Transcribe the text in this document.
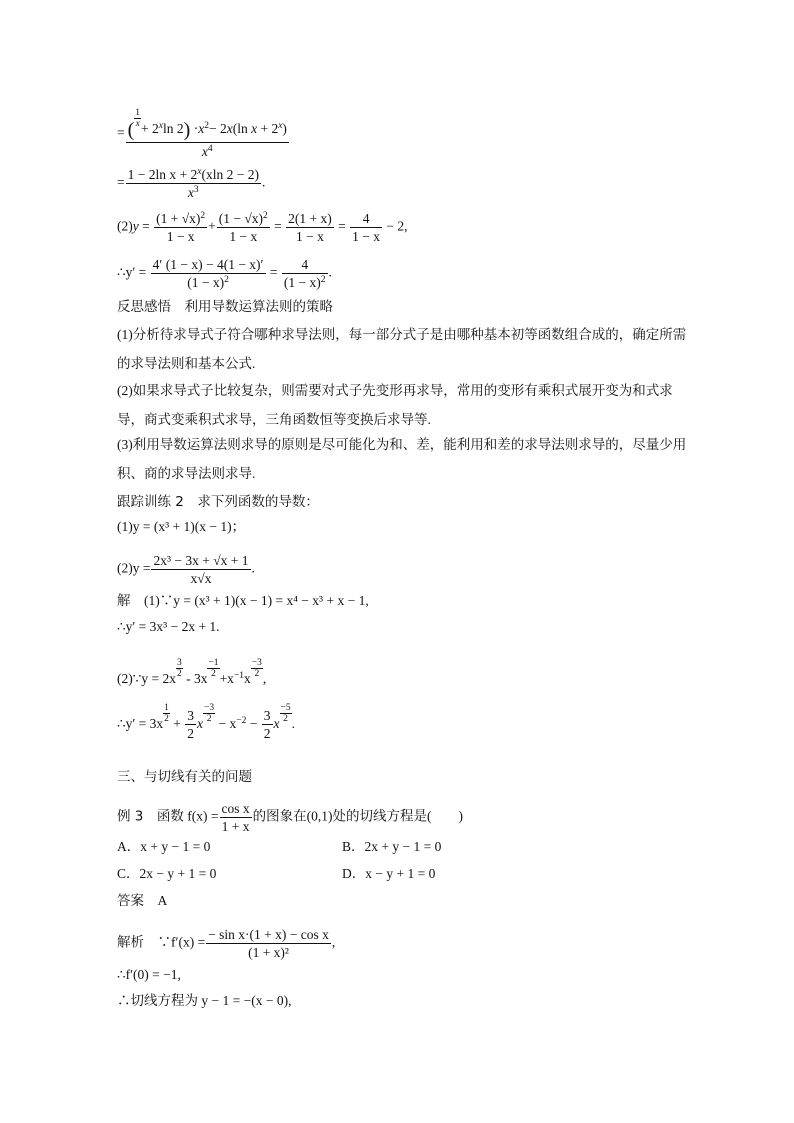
= (
$\frac{1}{x} + 2^x\ln$ $2) \cdot x^2- 2x(\ln$ $x + 2^x$)
$x^4$
= $\frac{1 - 2\ln x + 2^x(xln 2 - 2)}{x^3}$ .
$(2)y = \frac{(1 + √x)^2}{1 - x} + \frac{(1 - √x)^2}{1 - x} = \frac{2(1 + x)}{1 - x} = \frac{4}{1 - x} - 2$,
∴y′ = $\frac{4' (1 - x) - 4(1 - x)'}{(1 - x)^2} = \frac{4}{(1 - x)^2}$ .
反思感悟　 利用导数运算法则的策略
(1)分析待求导式子符合哪种求导法则，每一部分式子是由哪种基本初等函数组合成的，确定所需的求导法则和基本公式.
(2)如果求导式子比较复杂，则需要对式子先变形再求导，常用的变形有乘积式展开变为和式求导，商式变乘积式求导，三角函数恒等变换后求导等.
(3)利用导数运算法则求导的原则是尽可能化为和、差，能利用和差的求导法则求导的，尽量少用积、商的求导法则求导.
跟踪训练 2　 求下列函数的导数：
(1)y = (x³ + 1)(x − 1)；
$(2)y = \frac{\text{2x³ − 3x + √x + 1}}{x√x}$ .
解　 (1)∵y = (x³ + 1)(x − 1) = x⁴ − x³ + x − 1,
∴y′ = 3x³ − 2x + 1.
(2)∵y = $2x \frac{3}{2} - 3x \frac{-1}{2} +x^{-1}x \frac{-3}{2}$ ,
∴y′ = $3x \frac{1}{2} + \frac{3}{2}$ x $\frac{-3}{2} - x^{-2} - \frac{3}{2}$ x $\frac{-5}{2}$ .
三、与切线有关的问题
例 3　 函数 $f(x) = \frac{\text{cos x}}{1 + x}$ 的图象在(0,1)处的切线方程是(　　)
A．x + y − 1 = 0	B．2x + y − 1 = 0
C．2x − y + 1 = 0	D．x − y + 1 = 0
答案　 A
解析　 ∵f′(x) = $\frac{\text{− sin x·(1 + x) − cos x}}{\text{(1 + x)²}}$ ,
∴f′(0) = −1,
∴切线方程为 y − 1 = −(x − 0),
